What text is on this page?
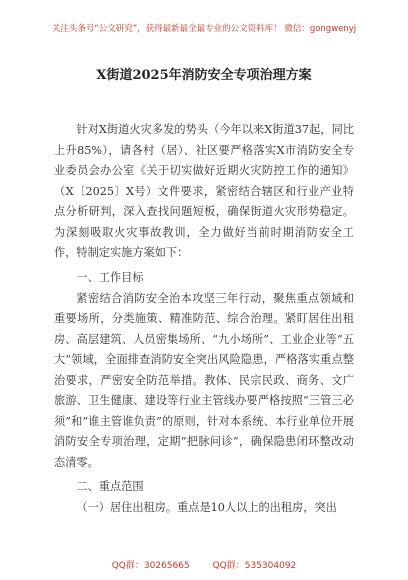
关注头条号“公文研究”，获得最新最全最专业的公文资料库！ 微信：gongwenyj
X街道2025年消防安全专项治理方案

针对X街道火灾多发的势头（今年以来X街道37起，同比上升85%），请各村（居）、社区要严格落实X市消防安全专业委员会办公室《关于切实做好近期火灾防控工作的通知》（X〔2025〕X号）文件要求，紧密结合辖区和行业产业特点分析研判，深入查找问题短板，确保街道火灾形势稳定。为深刻吸取火灾事故教训，全力做好当前时期消防安全工作，特制定实施方案如下：

一、工作目标

紧密结合消防安全治本攻坚三年行动，聚焦重点领域和重要场所，分类施策、精准防范、综合治理。紧盯居住出租房、高层建筑、人员密集场所、“九小场所”、工业企业等“五大”领域，全面排查消防安全突出风险隐患，严格落实重点整治要求，严密安全防范举措。教体、民宗民政、商务、文广旅游、卫生健康、建设等行业主管线办要严格按照“三管三必须”和“谁主管谁负责”的原则，针对本系统、本行业单位开展消防安全专项治理，定期“把脉问诊”，确保隐患闭环整改动态清零。

二、重点范围

（一）居住出租房。重点是10人以上的出租房，突出

QQ群：30265665	QQ群：535304092
